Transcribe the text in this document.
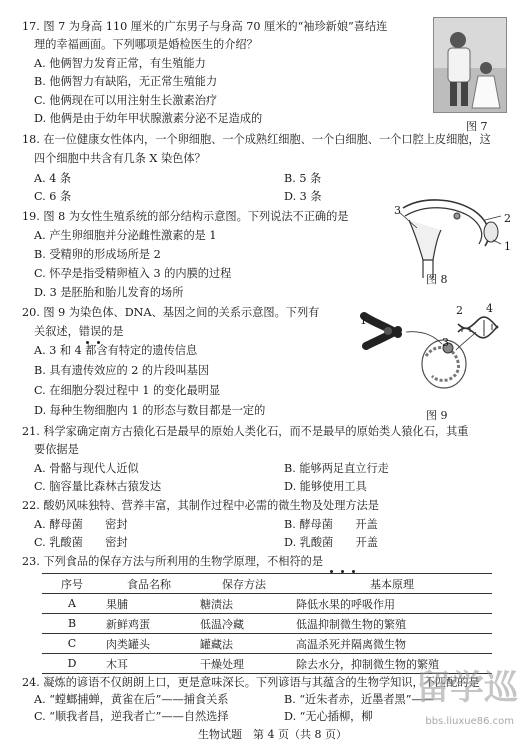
17. 图 7 为身高 110 厘米的广东男子与身高 70 厘米的“袖珍新娘”喜结连
理的幸福画面。下列哪项是婚检医生的介绍？
A. 他俩智力发育正常，有生殖能力
B. 他俩智力有缺陷，无正常生殖能力
C. 他俩现在可以用注射生长激素治疗
D. 他俩是由于幼年甲状腺激素分泌不足造成的
图 7
18. 在一位健康女性体内，一个卵细胞、一个成熟红细胞、一个白细胞、一个口腔上皮细胞，这
四个细胞中共含有几条 X 染色体？
A. 4 条	B. 5 条
C. 6 条	D. 3 条
19. 图 8 为女性生殖系统的部分结构示意图。下列说法不正确的是
A. 产生卵细胞并分泌雌性激素的是 1
B. 受精卵的形成场所是 2
C. 怀孕是指受精卵植入 3 的内膜的过程
D. 3 是胚胎和胎儿发育的场所
3
2
1
图 8
20. 图 9 为染色体、DNA、基因之间的关系示意图。下列有
关叙述，错误的是
A. 3 和 4 都含有特定的遗传信息
B. 具有遗传效应的 2 的片段叫基因
C. 在细胞分裂过程中 1 的变化最明显
D. 每种生物细胞内 1 的形态与数目都是一定的
1
2
3
4
图 9
21. 科学家确定南方古猿化石是最早的原始人类化石，而不是最早的原始类人猿化石，其重
要依据是
A. 骨骼与现代人近似	B. 能够两足直立行走
C. 脑容量比森林古猿发达	D. 能够使用工具
22. 酸奶风味独特、营养丰富，其制作过程中必需的微生物及处理方法是
A. 酵母菌　　密封	B. 酵母菌　　开盖
C. 乳酸菌　　密封	D. 乳酸菌　　开盖
23. 下列食品的保存方法与所利用的生物学原理，不相符的是
序号	食品名称	保存方法	基本原理
A	果脯	糖渍法	降低水果的呼吸作用
B	新鲜鸡蛋	低温冷藏	低温抑制微生物的繁殖
C	肉类罐头	罐藏法	高温杀死并隔离微生物
D	木耳	干燥处理	除去水分，抑制微生物的繁殖
24. 凝炼的谚语不仅朗朗上口，更是意味深长。下列谚语与其蕴含的生物学知识，不匹配的是
A. “螳螂捕蝉，黄雀在后”——捕食关系	B. “近朱者赤，近墨者黑”——
C. “顺我者昌，逆我者亡”——自然选择	D. “无心插柳，柳
生物试题　第 4 页（共 8 页）
留学巡
bbs.liuxue86.com
